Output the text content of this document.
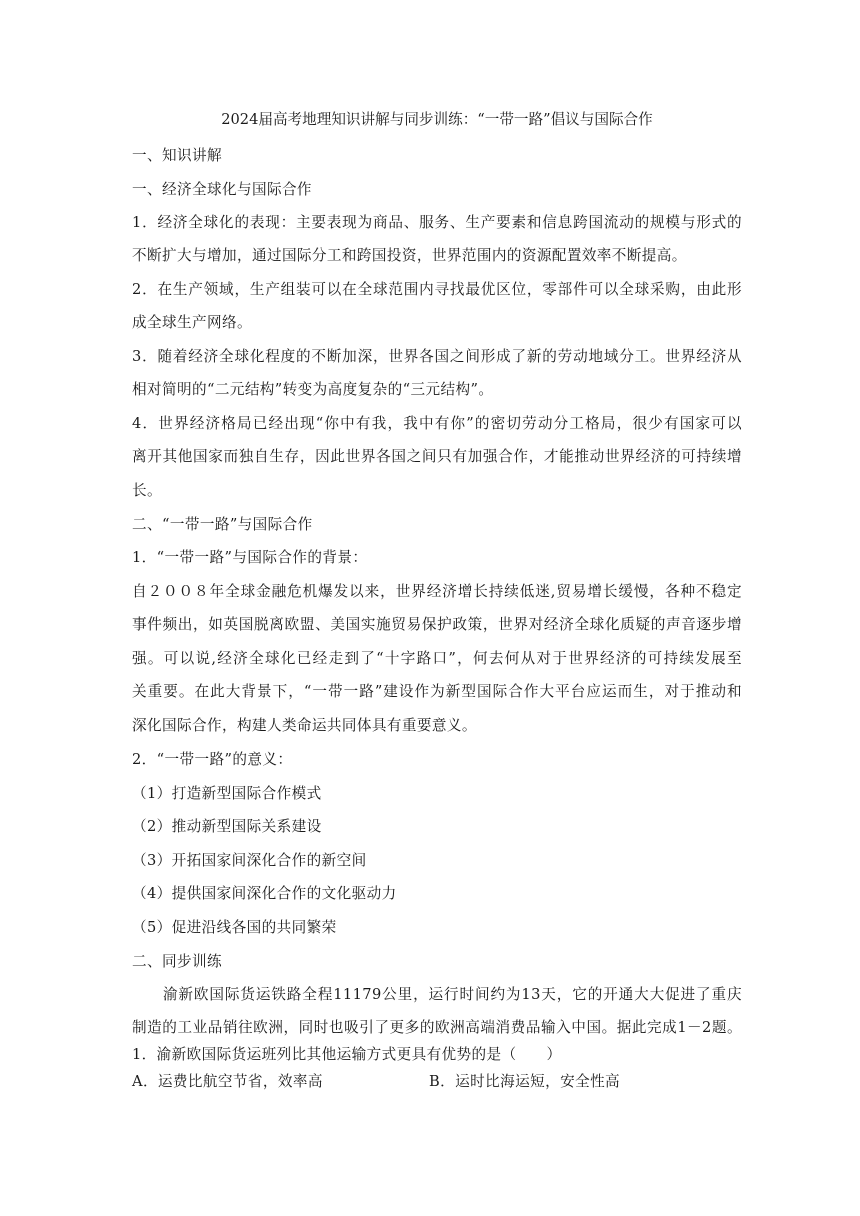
2024届高考地理知识讲解与同步训练：“一带一路”倡议与国际合作
一、知识讲解
一、经济全球化与国际合作
1．经济全球化的表现：主要表现为商品、服务、生产要素和信息跨国流动的规模与形式的
不断扩大与增加，通过国际分工和跨国投资，世界范围内的资源配置效率不断提高。
2．在生产领域，生产组装可以在全球范围内寻找最优区位，零部件可以全球采购，由此形
成全球生产网络。
3．随着经济全球化程度的不断加深，世界各国之间形成了新的劳动地域分工。世界经济从
相对简明的“二元结构”转变为高度复杂的“三元结构”。
4．世界经济格局已经出现“你中有我，我中有你”的密切劳动分工格局，很少有国家可以
离开其他国家而独自生存，因此世界各国之间只有加强合作，才能推动世界经济的可持续增
长。
二、“一带一路”与国际合作
1．“一带一路”与国际合作的背景：
自２００８年全球金融危机爆发以来，世界经济增长持续低迷,贸易增长缓慢，各种不稳定
事件频出，如英国脱离欧盟、美国实施贸易保护政策，世界对经济全球化质疑的声音逐步增
强。可以说,经济全球化已经走到了“十字路口”，何去何从对于世界经济的可持续发展至
关重要。在此大背景下，“一带一路”建设作为新型国际合作大平台应运而生，对于推动和
深化国际合作，构建人类命运共同体具有重要意义。
2．“一带一路”的意义：
（1）打造新型国际合作模式
（2）推动新型国际关系建设
（3）开拓国家间深化合作的新空间
（4）提供国家间深化合作的文化驱动力
（5）促进沿线各国的共同繁荣
二、同步训练
　　渝新欧国际货运铁路全程11179公里，运行时间约为13天，它的开通大大促进了重庆
制造的工业品销往欧洲，同时也吸引了更多的欧洲高端消费品输入中国。据此完成1－2题。
1．渝新欧国际货运班列比其他运输方式更具有优势的是（　　）
A．运费比航空节省，效率高	B．运时比海运短，安全性高
